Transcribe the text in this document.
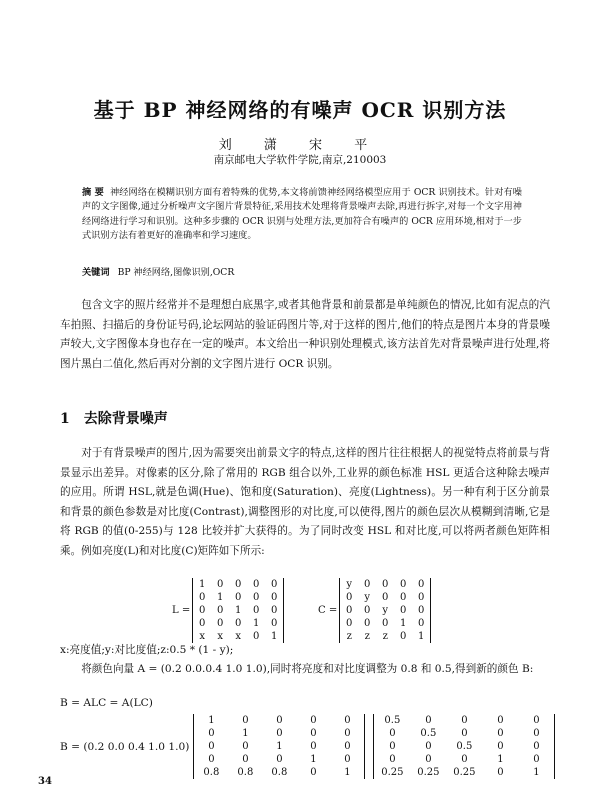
基于 BP 神经网络的有噪声 OCR 识别方法
刘 潇 宋 平
南京邮电大学软件学院,南京,210003
摘 要 神经网络在模糊识别方面有着特殊的优势,本文将前馈神经网络模型应用于 OCR 识别技术。针对有噪声的文字图像,通过分析噪声文字图片背景特征,采用技术处理将背景噪声去除,再进行拆字,对每一个文字用神经网络进行学习和识别。这种多步骤的 OCR 识别与处理方法,更加符合有噪声的 OCR 应用环境,相对于一步式识别方法有着更好的准确率和学习速度。
关键词 BP 神经网络,图像识别,OCR
包含文字的照片经常并不是理想白底黑字,或者其他背景和前景都是单纯颜色的情况,比如有泥点的汽车拍照、扫描后的身份证号码,论坛网站的验证码图片等,对于这样的图片,他们的特点是图片本身的背景噪声较大,文字图像本身也存在一定的噪声。本文给出一种识别处理模式,该方法首先对背景噪声进行处理,将图片黑白二值化,然后再对分割的文字图片进行 OCR 识别。
1 去除背景噪声
对于有背景噪声的图片,因为需要突出前景文字的特点,这样的图片往往根据人的视觉特点将前景与背景显示出差异。对像素的区分,除了常用的 RGB 组合以外,工业界的颜色标准 HSL 更适合这种除去噪声的应用。所谓 HSL,就是色调(Hue)、饱和度(Saturation)、亮度(Lightness)。另一种有利于区分前景和背景的颜色参数是对比度(Contrast),调整图形的对比度,可以使得,图片的颜色层次从模糊到清晰,它是将 RGB 的值(0-255)与 128 比较并扩大获得的。为了同时改变 HSL 和对比度,可以将两者颜色矩阵相乘。例如亮度(L)和对比度(C)矩阵如下所示:
L =
1	0	0	0	0
0	1	0	0	0
0	0	1	0	0
0	0	0	1	0
x	x	x	0	1
C =
y	0	0	0	0
0	y	0	0	0
0	0	y	0	0
0	0	0	1	0
z	z	z	0	1
x:亮度值;y:对比度值;z:0.5 * (1 - y);
将颜色向量 A = (0.2 0.0.0.4 1.0 1.0),同时将亮度和对比度调整为 0.8 和 0.5,得到新的颜色 B:
B = ALC = A(LC)
B = (0.2 0.0 0.4 1.0 1.0)
1	0	0	0	0
0	1	0	0	0
0	0	1	0	0
0	0	0	1	0
0.8	0.8	0.8	0	1
0.5	0	0	0	0
0	0.5	0	0	0
0	0	0.5	0	0
0	0	0	1	0
0.25	0.25	0.25	0	1
34
